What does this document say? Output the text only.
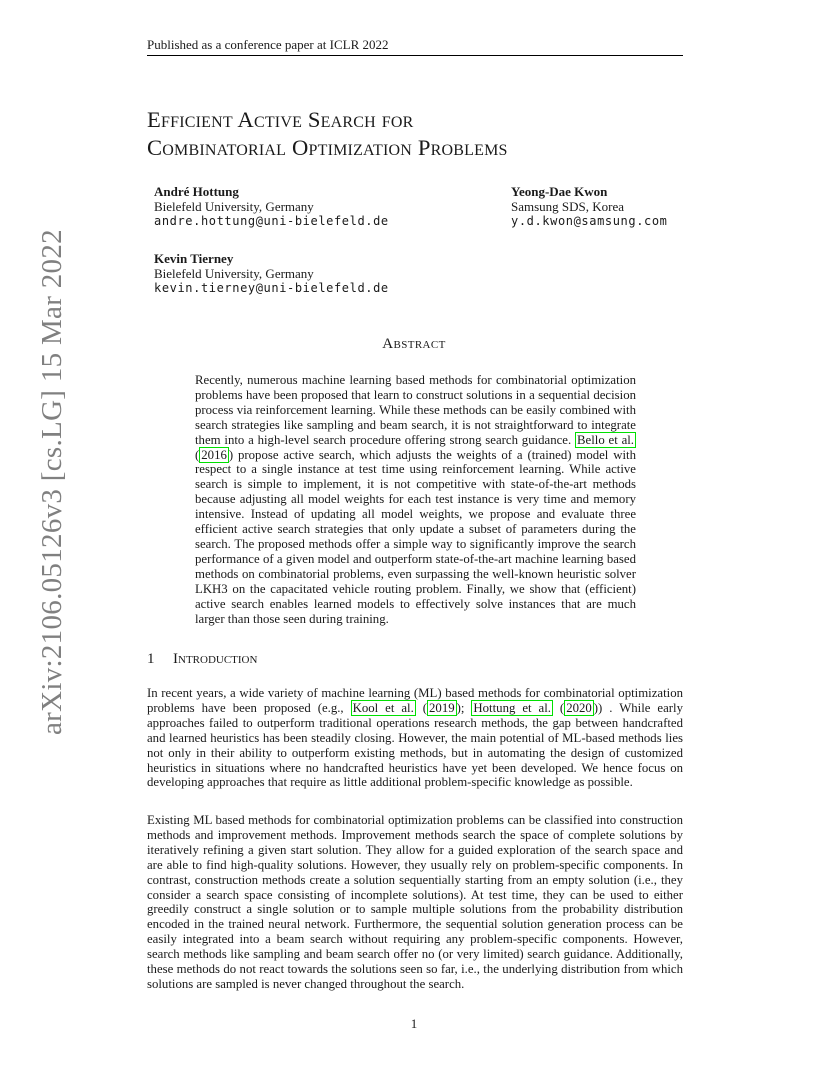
Published as a conference paper at ICLR 2022
Efficient Active Search for
Combinatorial Optimization Problems
André Hottung
Bielefeld University, Germany
andre.hottung@uni-bielefeld.de
Yeong-Dae Kwon
Samsung SDS, Korea
y.d.kwon@samsung.com
Kevin Tierney
Bielefeld University, Germany
kevin.tierney@uni-bielefeld.de
Abstract
Recently, numerous machine learning based methods for combinatorial optimization problems have been proposed that learn to construct solutions in a sequential decision process via reinforcement learning. While these methods can be easily combined with search strategies like sampling and beam search, it is not straightforward to integrate them into a high-level search procedure offering strong search guidance. Bello et al. ( 2016 ) propose active search, which adjusts the weights of a (trained) model with respect to a single instance at test time using reinforcement learning. While active search is simple to implement, it is not competitive with state-of-the-art methods because adjusting all model weights for each test instance is very time and memory intensive. Instead of updating all model weights, we propose and evaluate three efficient active search strategies that only update a subset of parameters during the search. The proposed methods offer a simple way to significantly improve the search performance of a given model and outperform state-of-the-art machine learning based methods on combinatorial problems, even surpassing the well-known heuristic solver LKH3 on the capacitated vehicle routing problem. Finally, we show that (efficient) active search enables learned models to effectively solve instances that are much larger than those seen during training.
1 Introduction
In recent years, a wide variety of machine learning (ML) based methods for combinatorial optimization problems have been proposed (e.g., Kool et al. ( 2019 ); Hottung et al. ( 2020 )) . While early approaches failed to outperform traditional operations research methods, the gap between handcrafted and learned heuristics has been steadily closing. However, the main potential of ML-based methods lies not only in their ability to outperform existing methods, but in automating the design of customized heuristics in situations where no handcrafted heuristics have yet been developed. We hence focus on developing approaches that require as little additional problem-specific knowledge as possible.
Existing ML based methods for combinatorial optimization problems can be classified into construction methods and improvement methods. Improvement methods search the space of complete solutions by iteratively refining a given start solution. They allow for a guided exploration of the search space and are able to find high-quality solutions. However, they usually rely on problem-specific components. In contrast, construction methods create a solution sequentially starting from an empty solution (i.e., they consider a search space consisting of incomplete solutions). At test time, they can be used to either greedily construct a single solution or to sample multiple solutions from the probability distribution encoded in the trained neural network. Furthermore, the sequential solution generation process can be easily integrated into a beam search without requiring any problem-specific components. However, search methods like sampling and beam search offer no (or very limited) search guidance. Additionally, these methods do not react towards the solutions seen so far, i.e., the underlying distribution from which solutions are sampled is never changed throughout the search.
arXiv:2106.05126v3 [cs.LG] 15 Mar 2022
1
